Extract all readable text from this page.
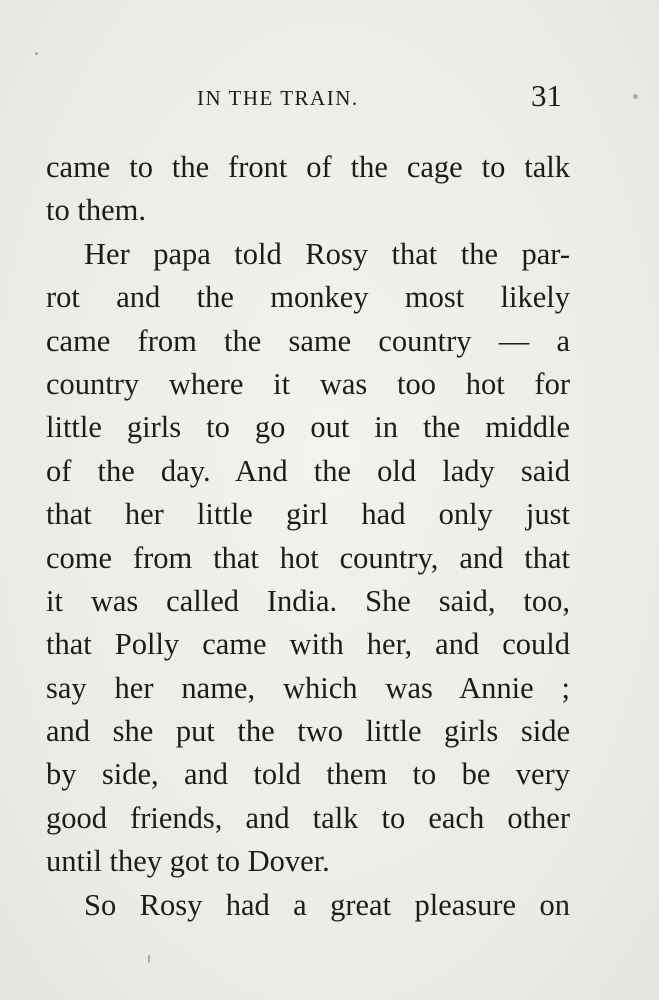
IN THE TRAIN.	31
came to the front of the cage to talk
to them.
Her papa told Rosy that the par-
rot and the monkey most likely
came from the same country — a
country where it was too hot for
little girls to go out in the middle
of the day. And the old lady said
that her little girl had only just
come from that hot country, and that
it was called India. She said, too,
that Polly came with her, and could
say her name, which was Annie ;
and she put the two little girls side
by side, and told them to be very
good friends, and talk to each other
until they got to Dover.
So Rosy had a great pleasure on
